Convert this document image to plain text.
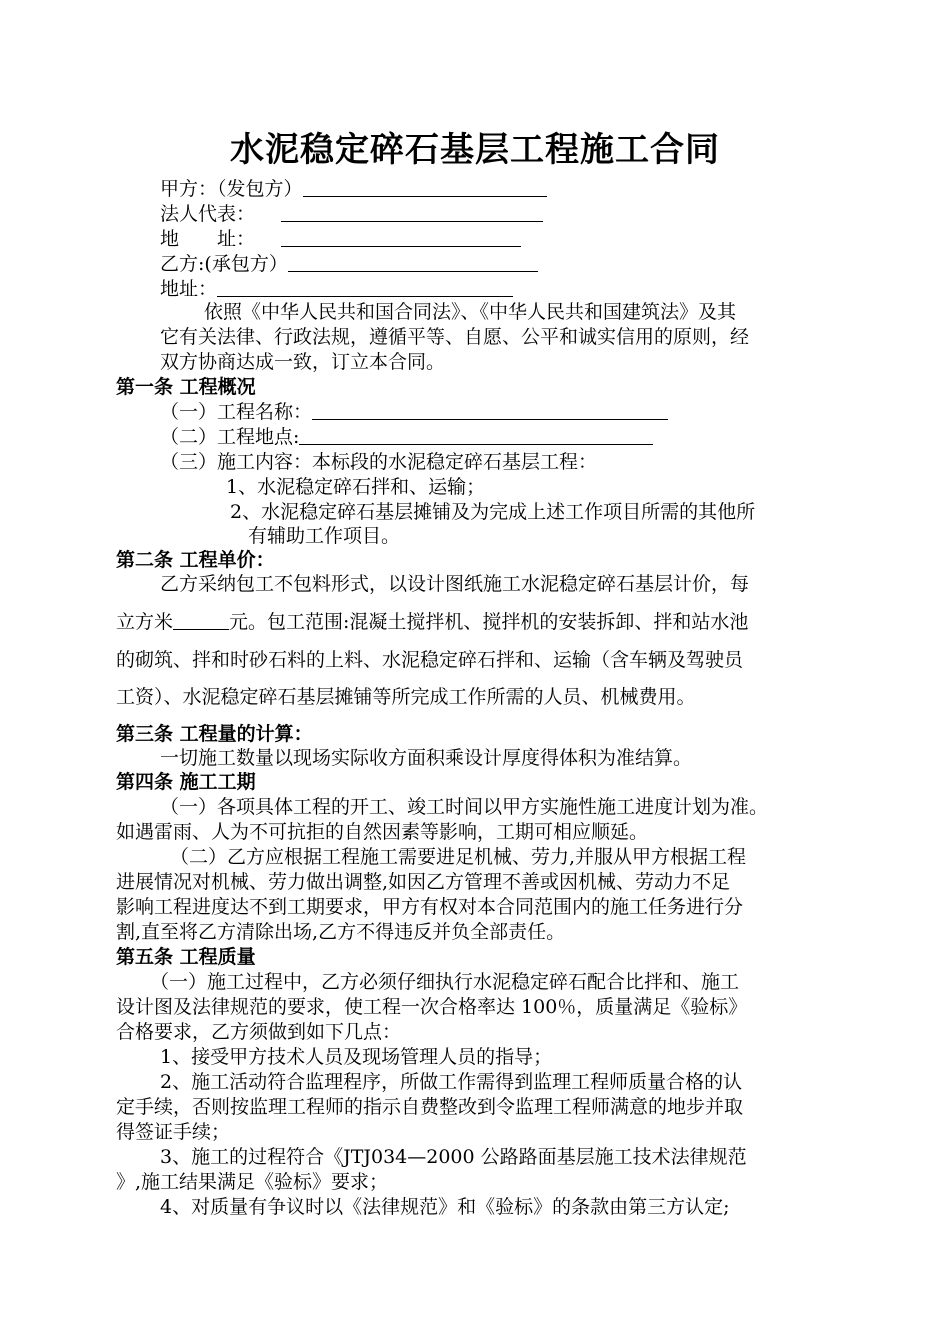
水泥稳定碎石基层工程施工合同
甲方：（发包方）
法人代表：
地　　址：
乙方:(承包方）
地址：
依照《中华人民共和国合同法》、《中华人民共和国建筑法》及其
它有关法律、行政法规，遵循平等、自愿、公平和诚实信用的原则，经
双方协商达成一致，订立本合同。
第一条 工程概况
（一）工程名称：
（二）工程地点:
（三）施工内容：本标段的水泥稳定碎石基层工程：
1、水泥稳定碎石拌和、运输；
2、水泥稳定碎石基层摊铺及为完成上述工作项目所需的其他所
有辅助工作项目。
第二条 工程单价：
乙方采纳包工不包料形式，以设计图纸施工水泥稳定碎石基层计价，每
立方米	元。包工范围:混凝土搅拌机、搅拌机的安装拆卸、拌和站水池
的砌筑、拌和时砂石料的上料、水泥稳定碎石拌和、运输（含车辆及驾驶员
工资）、水泥稳定碎石基层摊铺等所完成工作所需的人员、机械费用。
第三条 工程量的计算：
一切施工数量以现场实际收方面积乘设计厚度得体积为准结算。
第四条 施工工期
（一）各项具体工程的开工、竣工时间以甲方实施性施工进度计划为准。
如遇雷雨、人为不可抗拒的自然因素等影响，工期可相应顺延。
（二）乙方应根据工程施工需要进足机械、劳力,并服从甲方根据工程
进展情况对机械、劳力做出调整,如因乙方管理不善或因机械、劳动力不足
影响工程进度达不到工期要求，甲方有权对本合同范围内的施工任务进行分
割,直至将乙方清除出场,乙方不得违反并负全部责任。
第五条 工程质量
（一）施工过程中，乙方必须仔细执行水泥稳定碎石配合比拌和、施工
设计图及法律规范的要求，使工程一次合格率达 100％，质量满足《验标》
合格要求，乙方须做到如下几点：
1、接受甲方技术人员及现场管理人员的指导；
2、施工活动符合监理程序，所做工作需得到监理工程师质量合格的认
定手续，否则按监理工程师的指示自费整改到令监理工程师满意的地步并取
得签证手续；
3、施工的过程符合《JTJ034—2000 公路路面基层施工技术法律规范
》,施工结果满足《验标》要求；
4、对质量有争议时以《法律规范》和《验标》的条款由第三方认定;
